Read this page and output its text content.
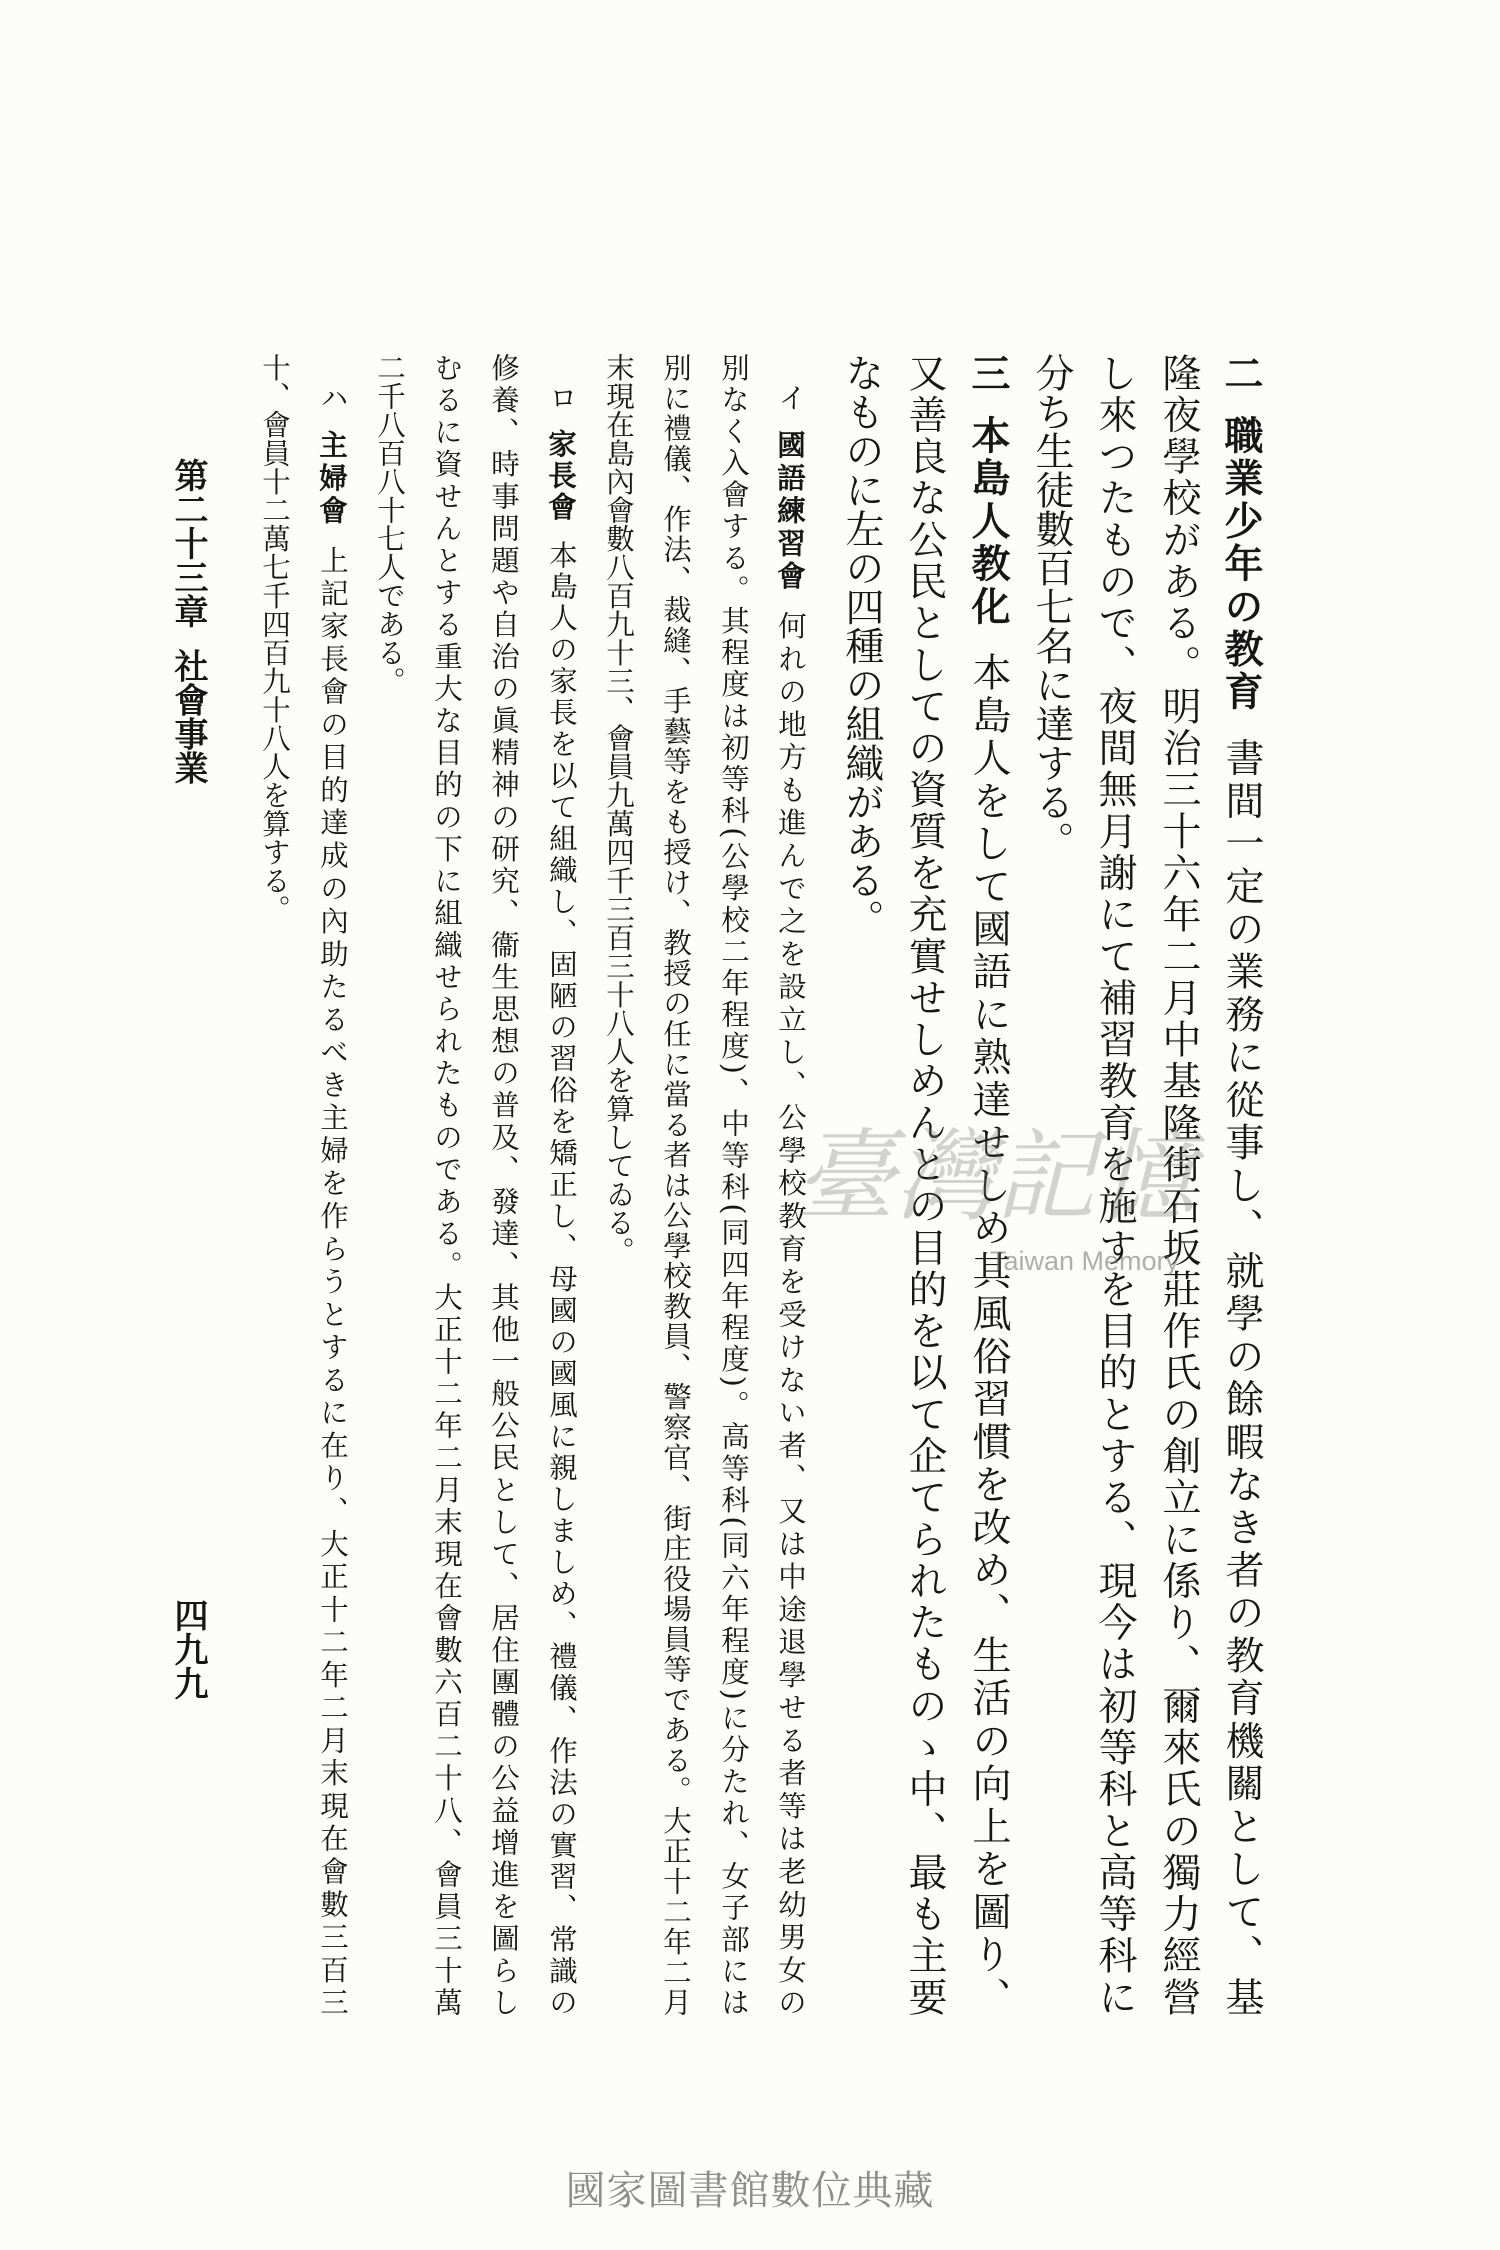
二職業少年の教育書間一定の業務に從事し、就學の餘暇なき者の教育機關として、基
隆夜學校がある。明治三十六年二月中基隆街石坂莊作氏の創立に係り、爾來氏の獨力經營
し來つたもので、夜間無月謝にて補習教育を施すを目的とする、現今は初等科と高等科に
分ち生徒數百七名に達する。
三本島人教化本島人をして國語に熟達せしめ其風俗習慣を改め、生活の向上を圖り、
又善良な公民としての資質を充實せしめんとの目的を以て企てられたものゝ中、最も主要
なものに左の四種の組織がある。
イ國語練習會何れの地方も進んで之を設立し、公學校教育を受けない者、又は中途退學せる者等は老幼男女の
別なく入會する。其程度は初等科(公學校二年程度)、中等科(同四年程度)。高等科(同六年程度)に分たれ、女子部には
別に禮儀、作法、裁縫、手藝等をも授け、教授の任に當る者は公學校教員、警察官、街庄役場員等である。大正十二年二月
末現在島內會數八百九十三、會員九萬四千三百三十八人を算してゐる。
ロ家長會本島人の家長を以て組織し、固陋の習俗を矯正し、母國の國風に親しましめ、禮儀、作法の實習、常識の
修養、時事問題や自治の眞精神の研究、衞生思想の普及、發達、其他一般公民として、居住團體の公益增進を圖らし
むるに資せんとする重大な目的の下に組織せられたものである。大正十二年二月末現在會數六百二十八、會員三十萬
二千八百八十七人である。
ハ主婦會上記家長會の目的達成の內助たるべき主婦を作らうとするに在り、大正十二年二月末現在會數三百三
十、會員十二萬七千四百九十八人を算する。
第二十三章社會事業
四九九
臺灣記憶
Taiwan Memory
國家圖書館數位典藏
